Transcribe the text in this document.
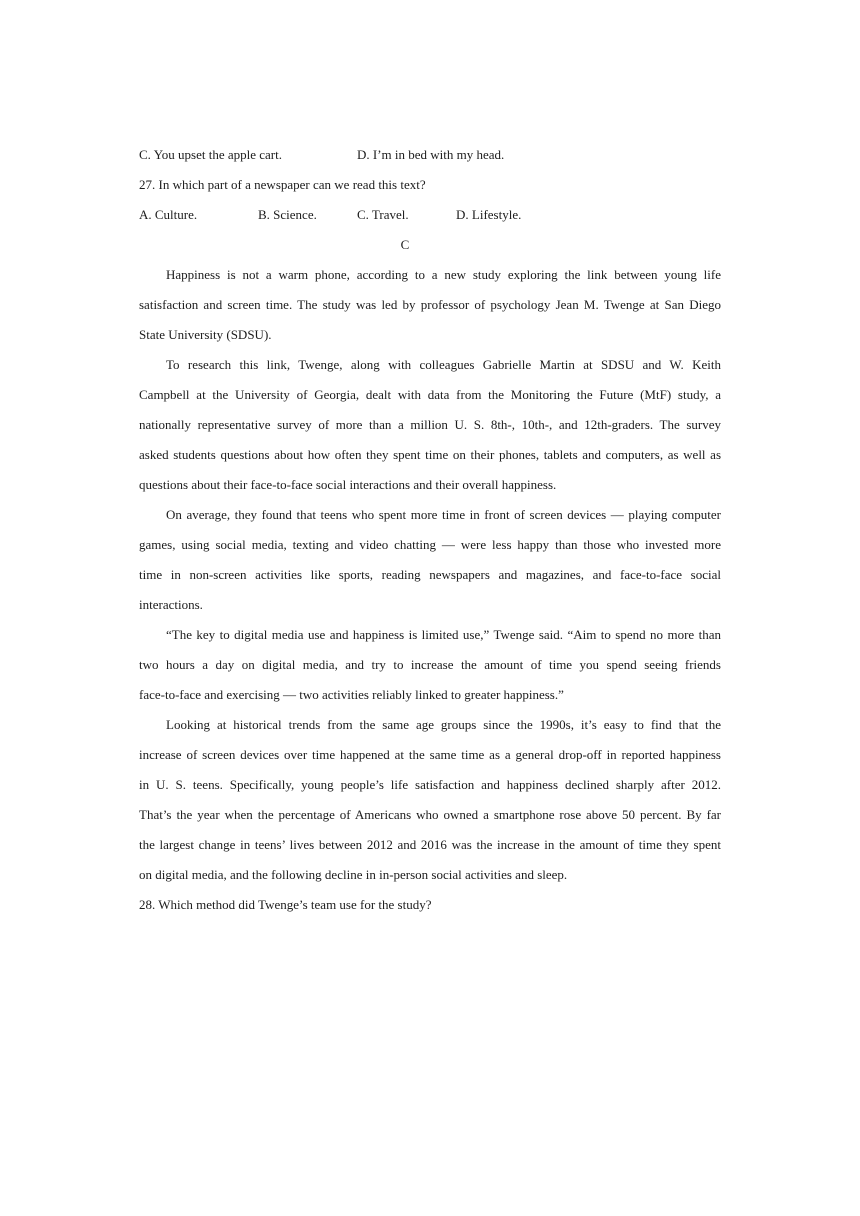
C. You upset the apple cart.	D. I’m in bed with my head.
27. In which part of a newspaper can we read this text?
A. Culture.	B. Science.	C. Travel.	D. Lifestyle.
C
Happiness is not a warm phone, according to a new study exploring the link between young life
satisfaction and screen time. The study was led by professor of psychology Jean M. Twenge at San Diego
State University (SDSU).
To research this link, Twenge, along with colleagues Gabrielle Martin at SDSU and W. Keith
Campbell at the University of Georgia, dealt with data from the Monitoring the Future (MtF) study, a
nationally representative survey of more than a million U. S. 8th-, 10th-, and 12th-graders. The survey
asked students questions about how often they spent time on their phones, tablets and computers, as well as
questions about their face-to-face social interactions and their overall happiness.
On average, they found that teens who spent more time in front of screen devices — playing computer
games, using social media, texting and video chatting — were less happy than those who invested more
time in non-screen activities like sports, reading newspapers and magazines, and face-to-face social
interactions.
“The key to digital media use and happiness is limited use,” Twenge said. “Aim to spend no more than
two hours a day on digital media, and try to increase the amount of time you spend seeing friends
face-to-face and exercising — two activities reliably linked to greater happiness.”
Looking at historical trends from the same age groups since the 1990s, it’s easy to find that the
increase of screen devices over time happened at the same time as a general drop-off in reported happiness
in U. S. teens. Specifically, young people’s life satisfaction and happiness declined sharply after 2012.
That’s the year when the percentage of Americans who owned a smartphone rose above 50 percent. By far
the largest change in teens’ lives between 2012 and 2016 was the increase in the amount of time they spent
on digital media, and the following decline in in-person social activities and sleep.
28. Which method did Twenge’s team use for the study?
